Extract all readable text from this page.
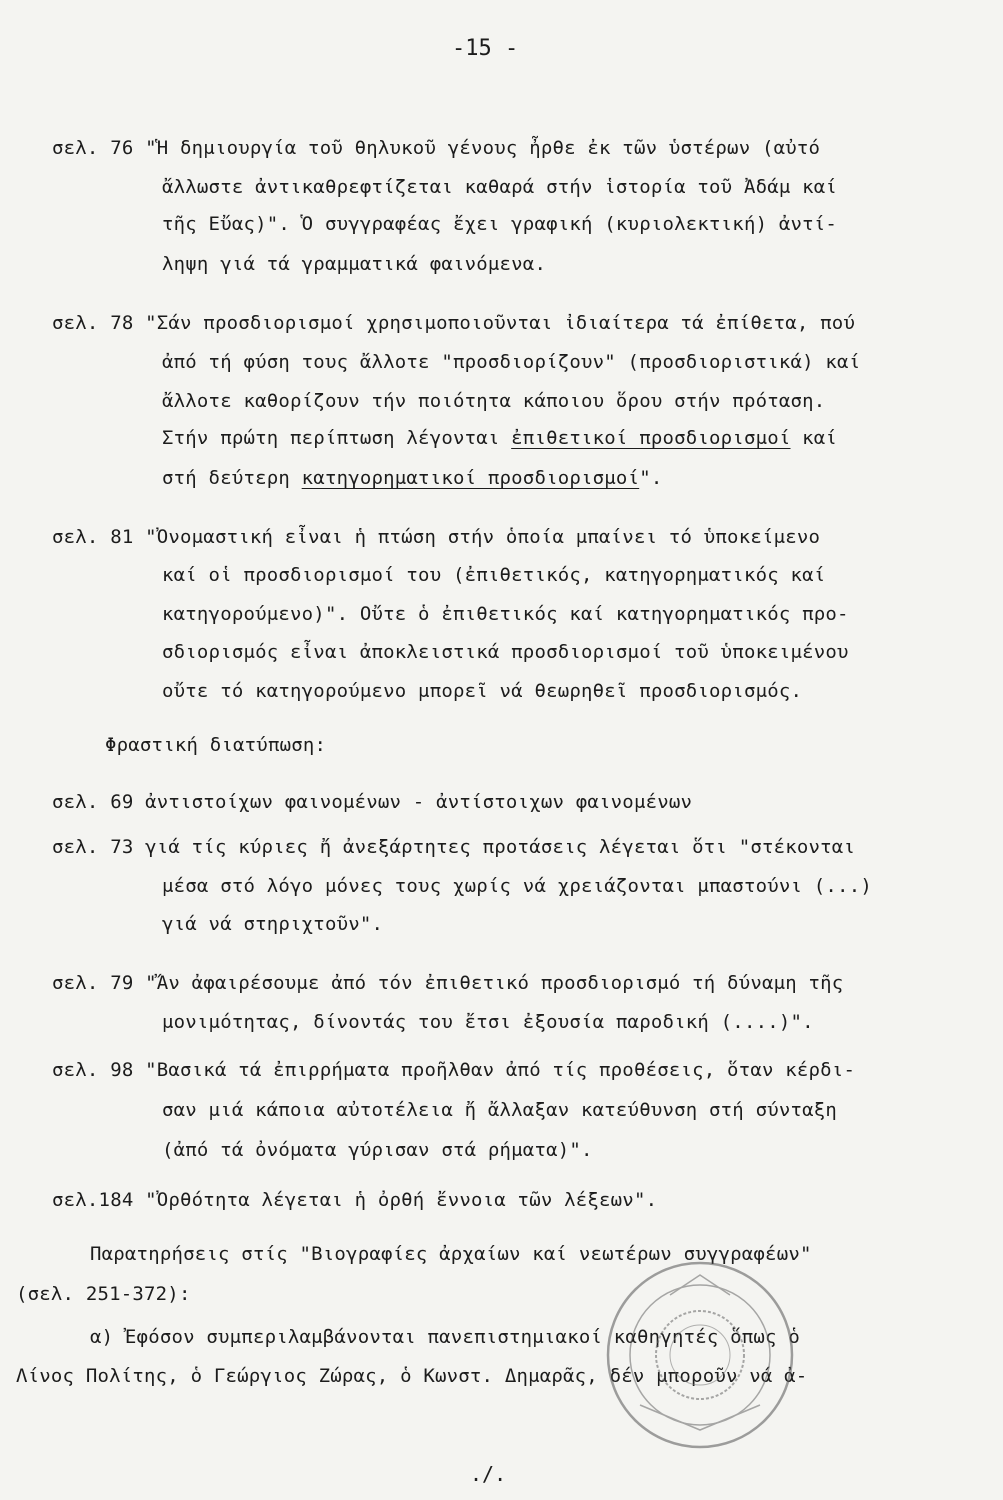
-15 -
σελ. 76 "Ἡ δημιουργία τοῦ θηλυκοῦ γένους ἦρθε ἐκ τῶν ὑστέρων (αὐτό
ἄλλωστε ἀντικαθρεφτίζεται καθαρά στήν ἱστορία τοῦ Ἀδάμ καί
τῆς Εὔας)". Ὁ συγγραφέας ἔχει γραφική (κυριολεκτική) ἀντί-
ληψη γιά τά γραμματικά φαινόμενα.
σελ. 78 "Σάν προσδιορισμοί χρησιμοποιοῦνται ἰδιαίτερα τά ἐπίθετα, πού
ἀπό τή φύση τους ἄλλοτε "προσδιορίζουν" (προσδιοριστικά) καί
ἄλλοτε καθορίζουν τήν ποιότητα κάποιου ὅρου στήν πρόταση.
Στήν πρώτη περίπτωση λέγονται ἐπιθετικοί προσδιορισμοί καί
στή δεύτερη κατηγορηματικοί προσδιορισμοί".
σελ. 81 "Ὀνομαστική εἶναι ἡ πτώση στήν ὁποία μπαίνει τό ὑποκείμενο
καί οἱ προσδιορισμοί του (ἐπιθετικός, κατηγορηματικός καί
κατηγορούμενο)". Οὔτε ὁ ἐπιθετικός καί κατηγορηματικός προ-
σδιορισμός εἶναι ἀποκλειστικά προσδιορισμοί τοῦ ὑποκειμένου
οὔτε τό κατηγορούμενο μπορεῖ νά θεωρηθεῖ προσδιορισμός.
Φραστική διατύπωση:
σελ. 69 ἀντιστοίχων φαινομένων - ἀντίστοιχων φαινομένων
σελ. 73 γιά τίς κύριες ἤ ἀνεξάρτητες προτάσεις λέγεται ὅτι "στέκονται
μέσα στό λόγο μόνες τους χωρίς νά χρειάζονται μπαστούνι (...)
γιά νά στηριχτοῦν".
σελ. 79 "Ἄν ἀφαιρέσουμε ἀπό τόν ἐπιθετικό προσδιορισμό τή δύναμη τῆς
μονιμότητας, δίνοντάς του ἔτσι ἐξουσία παροδική (....)".
σελ. 98 "Βασικά τά ἐπιρρήματα προῆλθαν ἀπό τίς προθέσεις, ὅταν κέρδι-
σαν μιά κάποια αὐτοτέλεια ἤ ἄλλαξαν κατεύθυνση στή σύνταξη
(ἀπό τά ὀνόματα γύρισαν στά ρήματα)".
σελ.184 "Ὀρθότητα λέγεται ἡ ὀρθή ἔννοια τῶν λέξεων".
Παρατηρήσεις στίς "Βιογραφίες ἀρχαίων καί νεωτέρων συγγραφέων"
(σελ. 251-372):
α) Ἐφόσον συμπεριλαμβάνονται πανεπιστημιακοί καθηγητές ὅπως ὁ
Λίνος Πολίτης, ὁ Γεώργιος Ζώρας, ὁ Κωνστ. Δημαρᾶς, δέν μποροῦν νά ἀ-
./.
